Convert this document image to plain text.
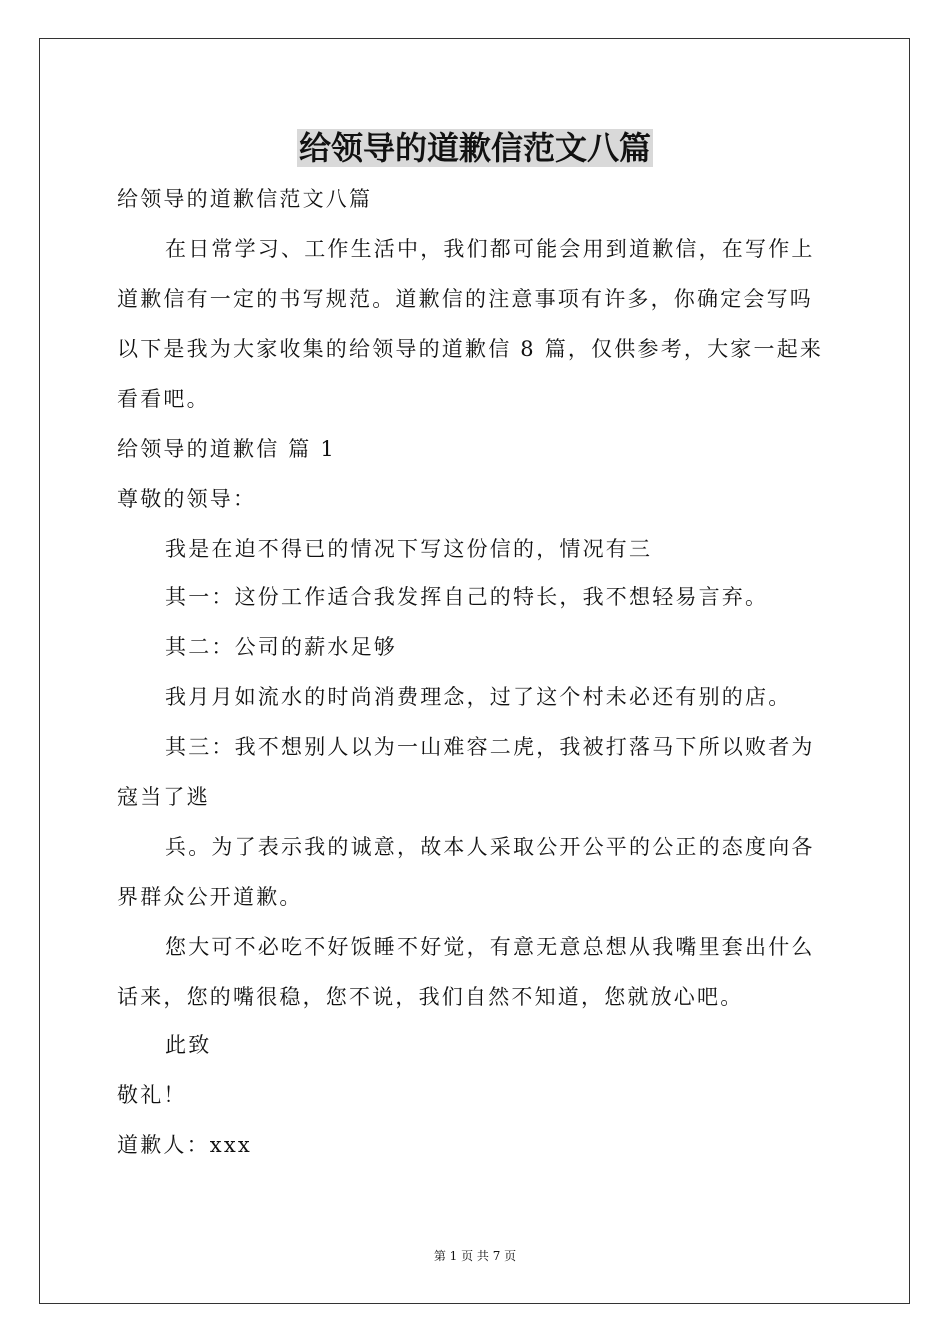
给领导的道歉信范文八篇
给领导的道歉信范文八篇
在日常学习、工作生活中，我们都可能会用到道歉信，在写作上
道歉信有一定的书写规范。道歉信的注意事项有许多，你确定会写吗
以下是我为大家收集的给领导的道歉信 8 篇，仅供参考，大家一起来
看看吧。
给领导的道歉信 篇 1
尊敬的领导：
我是在迫不得已的情况下写这份信的，情况有三
其一：这份工作适合我发挥自己的特长，我不想轻易言弃。
其二：公司的薪水足够
我月月如流水的时尚消费理念，过了这个村未必还有别的店。
其三：我不想别人以为一山难容二虎，我被打落马下所以败者为
寇当了逃
兵。为了表示我的诚意，故本人采取公开公平的公正的态度向各
界群众公开道歉。
您大可不必吃不好饭睡不好觉，有意无意总想从我嘴里套出什么
话来，您的嘴很稳，您不说，我们自然不知道，您就放心吧。
此致
敬礼！
道歉人：xxx
第 1 页 共 7 页
